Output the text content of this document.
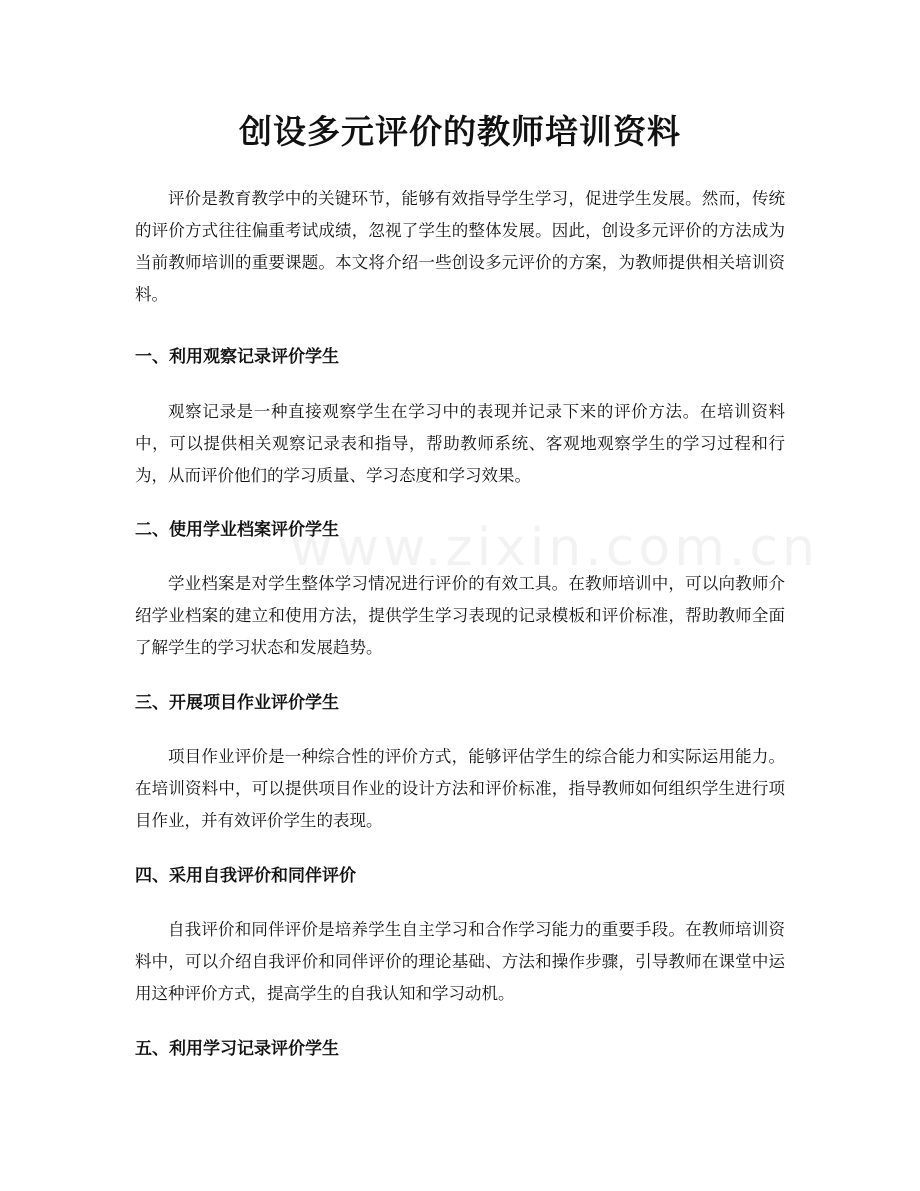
www.zixin.com.cn
创设多元评价的教师培训资料

评价是教育教学中的关键环节，能够有效指导学生学习，促进学生发展。然而，传统的评价方式往往偏重考试成绩，忽视了学生的整体发展。因此，创设多元评价的方法成为当前教师培训的重要课题。本文将介绍一些创设多元评价的方案，为教师提供相关培训资料。

一、利用观察记录评价学生

观察记录是一种直接观察学生在学习中的表现并记录下来的评价方法。在培训资料中，可以提供相关观察记录表和指导，帮助教师系统、客观地观察学生的学习过程和行为，从而评价他们的学习质量、学习态度和学习效果。

二、使用学业档案评价学生

学业档案是对学生整体学习情况进行评价的有效工具。在教师培训中，可以向教师介绍学业档案的建立和使用方法，提供学生学习表现的记录模板和评价标准，帮助教师全面了解学生的学习状态和发展趋势。

三、开展项目作业评价学生

项目作业评价是一种综合性的评价方式，能够评估学生的综合能力和实际运用能力。在培训资料中，可以提供项目作业的设计方法和评价标准，指导教师如何组织学生进行项目作业，并有效评价学生的表现。

四、采用自我评价和同伴评价

自我评价和同伴评价是培养学生自主学习和合作学习能力的重要手段。在教师培训资料中，可以介绍自我评价和同伴评价的理论基础、方法和操作步骤，引导教师在课堂中运用这种评价方式，提高学生的自我认知和学习动机。

五、利用学习记录评价学生
